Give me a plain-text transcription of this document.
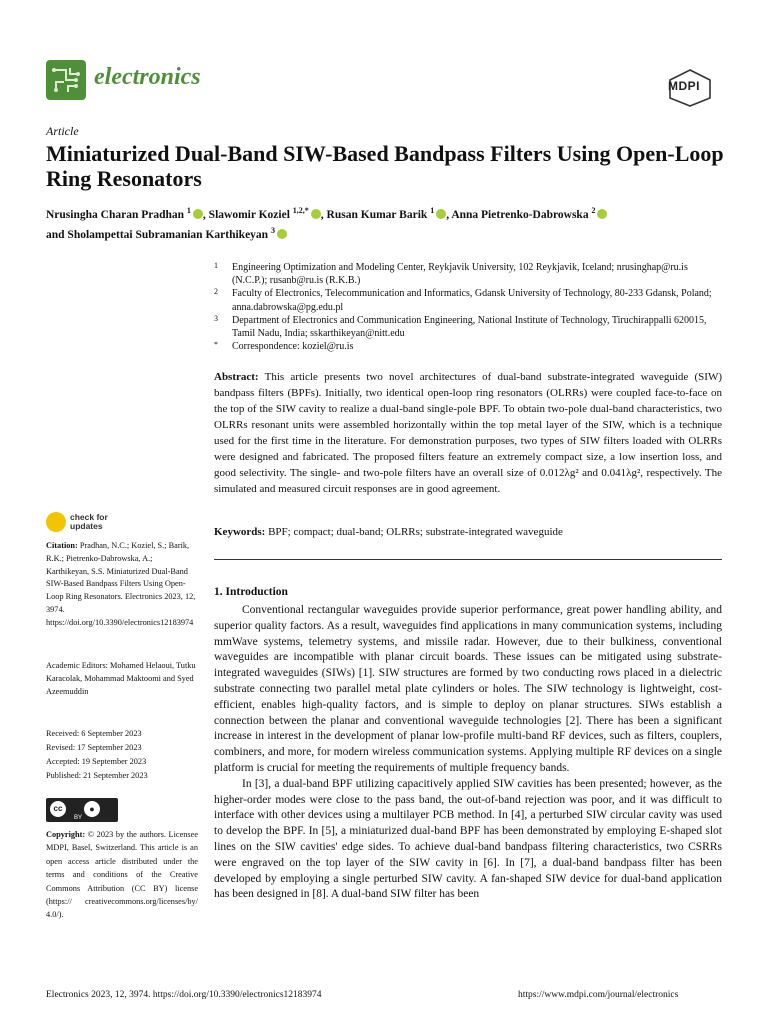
electronics	MDPI
Article
Miniaturized Dual-Band SIW-Based Bandpass Filters Using Open-Loop Ring Resonators
Nrusingha Charan Pradhan $^1$ , Slawomir Koziel $^{1,2,*}$ , Rusan Kumar Barik $^1$ , Anna Pietrenko-Dabrowska $^2$
and Sholampettai Subramanian Karthikeyan $^3$
1 Engineering Optimization and Modeling Center, Reykjavik University, 102 Reykjavik, Iceland; nrusinghap@ru.is (N.C.P.); rusanb@ru.is (R.K.B.)
2 Faculty of Electronics, Telecommunication and Informatics, Gdansk University of Technology, 80-233 Gdansk, Poland; anna.dabrowska@pg.edu.pl
3 Department of Electronics and Communication Engineering, National Institute of Technology, Tiruchirappalli 620015, Tamil Nadu, India; sskarthikeyan@nitt.edu
* Correspondence: koziel@ru.is
Abstract: This article presents two novel architectures of dual-band substrate-integrated waveguide (SIW) bandpass filters (BPFs). Initially, two identical open-loop ring resonators (OLRRs) were coupled face-to-face on the top of the SIW cavity to realize a dual-band single-pole BPF. To obtain two-pole dual-band characteristics, two OLRRs resonant units were assembled horizontally within the top metal layer of the SIW, which is a technique used for the first time in the literature. For demonstration purposes, two types of SIW filters loaded with OLRRs were designed and fabricated. The proposed filters feature an extremely compact size, a low insertion loss, and good selectivity. The single- and two-pole filters have an overall size of 0.012λg² and 0.041λg², respectively. The simulated and measured circuit responses are in good agreement.
Keywords: BPF; compact; dual-band; OLRRs; substrate-integrated waveguide
1. Introduction

Conventional rectangular waveguides provide superior performance, great power handling ability, and superior quality factors. As a result, waveguides find applications in many communication systems, including mmWave systems, telemetry systems, and missile radar. However, due to their bulkiness, conventional waveguides are incompatible with planar circuit boards. These issues can be mitigated using substrate-integrated waveguides (SIWs) [1]. SIW structures are formed by two conducting rows placed in a dielectric substrate connecting two parallel metal plate cylinders or holes. The SIW technology is lightweight, cost-efficient, enables high-quality factors, and is simple to deploy on planar structures. SIWs establish a connection between the planar and conventional waveguide technologies [2]. There has been a significant increase in interest in the development of planar low-profile multi-band RF devices, such as filters, couplers, combiners, and more, for modern wireless communication systems. Applying multiple RF devices on a single platform is crucial for meeting the requirements of multiple frequency bands.

In [3], a dual-band BPF utilizing capacitively applied SIW cavities has been presented; however, as the higher-order modes were close to the pass band, the out-of-band rejection was poor, and it was difficult to interface with other devices using a multilayer PCB method. In [4], a perturbed SIW circular cavity was used to develop the BPF. In [5], a miniaturized dual-band BPF has been demonstrated by employing E-shaped slot lines on the SIW cavities' edge sides. To achieve dual-band bandpass filtering characteristics, two CSRRs were engraved on the top layer of the SIW cavity in [6]. In [7], a dual-band bandpass filter has been developed by employing a single perturbed SIW cavity. A fan-shaped SIW device for dual-band application has been designed in [8]. A dual-band SIW filter has been

check for updates
Citation: Pradhan, N.C.; Koziel, S.; Barik, R.K.; Pietrenko-Dabrowska, A.; Karthikeyan, S.S. Miniaturized Dual-Band SIW-Based Bandpass Filters Using Open-Loop Ring Resonators. Electronics 2023, 12, 3974. https://doi.org/10.3390/electronics12183974
Academic Editors: Mohamed Helaoui, Tutku Karacolak, Mohammad Maktoomi and Syed Azeemuddin
Received: 6 September 2023
Revised: 17 September 2023
Accepted: 19 September 2023
Published: 21 September 2023
cc	●
BY
Copyright: © 2023 by the authors. Licensee MDPI, Basel, Switzerland. This article is an open access article distributed under the terms and conditions of the Creative Commons Attribution (CC BY) license (https:// creativecommons.org/licenses/by/ 4.0/).
Electronics 2023, 12, 3974. https://doi.org/10.3390/electronics12183974	https://www.mdpi.com/journal/electronics
